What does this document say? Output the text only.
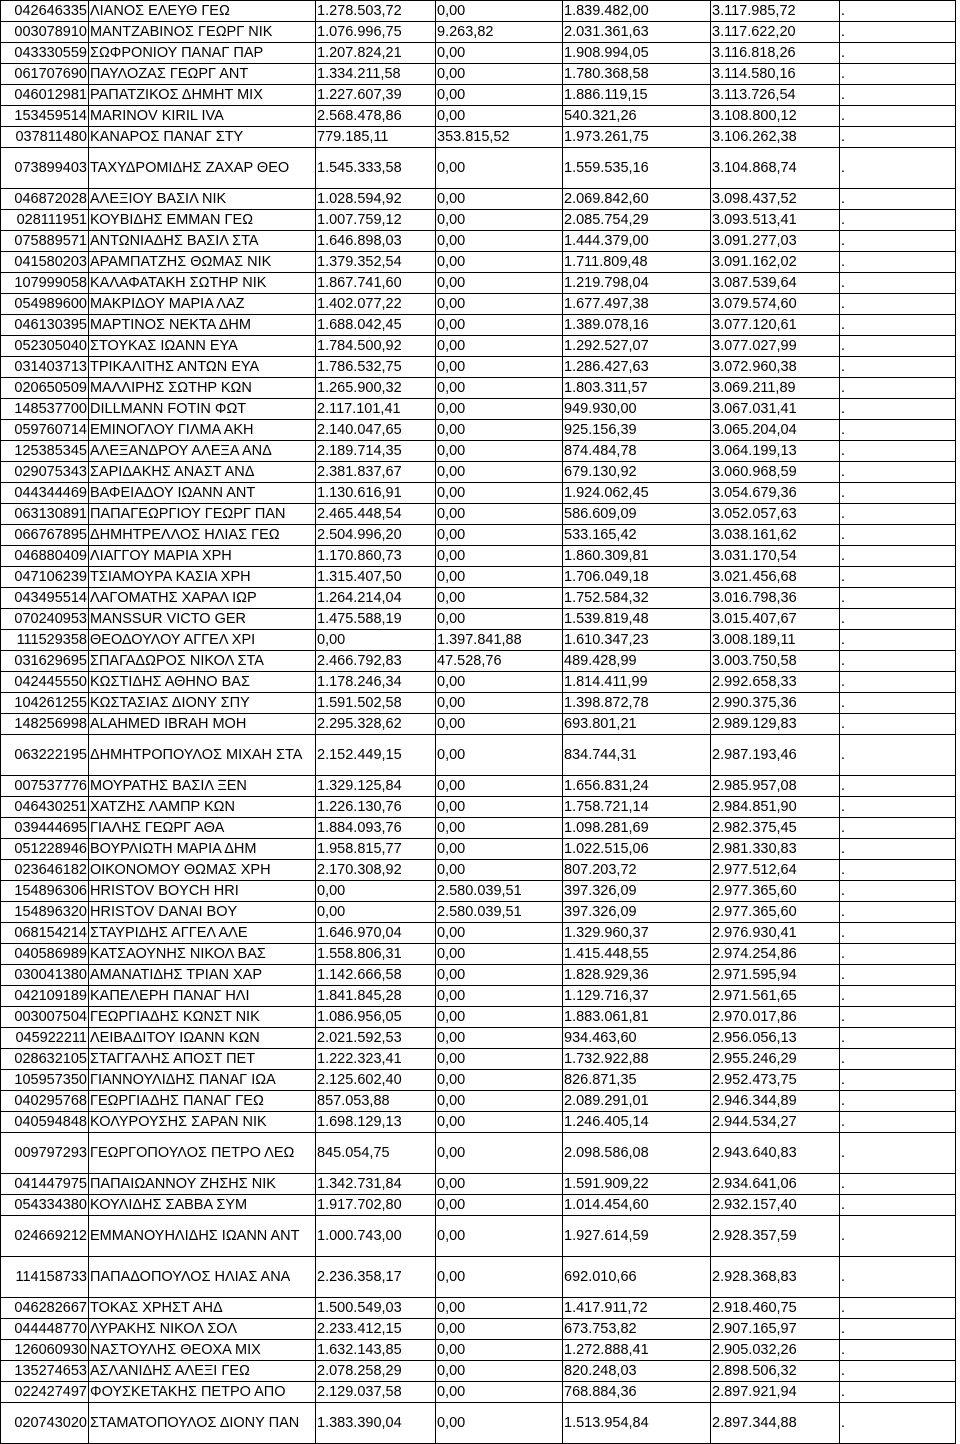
042646335	ΛΙΑΝΟΣ ΕΛΕΥΘ ΓΕΩ	1.278.503,72	0,00	1.839.482,00	3.117.985,72	.
003078910	ΜΑΝΤΖΑΒΙΝΟΣ ΓΕΩΡΓ ΝΙΚ	1.076.996,75	9.263,82	2.031.361,63	3.117.622,20	.
043330559	ΣΩΦΡΟΝΙΟΥ ΠΑΝΑΓ ΠΑΡ	1.207.824,21	0,00	1.908.994,05	3.116.818,26	.
061707690	ΠΑΥΛΟΖΑΣ ΓΕΩΡΓ ΑΝΤ	1.334.211,58	0,00	1.780.368,58	3.114.580,16	.
046012981	ΡΑΠΑΤΖΙΚΟΣ ΔΗΜΗΤ ΜΙΧ	1.227.607,39	0,00	1.886.119,15	3.113.726,54	.
153459514	MARINOV KIRIL IVA	2.568.478,86	0,00	540.321,26	3.108.800,12	.
037811480	ΚΑΝΑΡΟΣ ΠΑΝΑΓ ΣΤΥ	779.185,11	353.815,52	1.973.261,75	3.106.262,38	.
073899403	ΤΑΧΥΔΡΟΜΙΔΗΣ ΖΑΧΑΡ ΘΕΟ	1.545.333,58	0,00	1.559.535,16	3.104.868,74	.
046872028	ΑΛΕΞΙΟΥ ΒΑΣΙΛ ΝΙΚ	1.028.594,92	0,00	2.069.842,60	3.098.437,52	.
028111951	ΚΟΥΒΙΔΗΣ ΕΜΜΑΝ ΓΕΩ	1.007.759,12	0,00	2.085.754,29	3.093.513,41	.
075889571	ΑΝΤΩΝΙΑΔΗΣ ΒΑΣΙΛ ΣΤΑ	1.646.898,03	0,00	1.444.379,00	3.091.277,03	.
041580203	ΑΡΑΜΠΑΤΖΗΣ ΘΩΜΑΣ ΝΙΚ	1.379.352,54	0,00	1.711.809,48	3.091.162,02	.
107999058	ΚΑΛΑΦΑΤΑΚΗ ΣΩΤΗΡ ΝΙΚ	1.867.741,60	0,00	1.219.798,04	3.087.539,64	.
054989600	ΜΑΚΡΙΔΟΥ ΜΑΡΙΑ ΛΑΖ	1.402.077,22	0,00	1.677.497,38	3.079.574,60	.
046130395	ΜΑΡΤΙΝΟΣ ΝΕΚΤΑ ΔΗΜ	1.688.042,45	0,00	1.389.078,16	3.077.120,61	.
052305040	ΣΤΟΥΚΑΣ ΙΩΑΝΝ ΕΥΑ	1.784.500,92	0,00	1.292.527,07	3.077.027,99	.
031403713	ΤΡΙΚΑΛΙΤΗΣ ΑΝΤΩΝ ΕΥΑ	1.786.532,75	0,00	1.286.427,63	3.072.960,38	.
020650509	ΜΑΛΛΙΡΗΣ ΣΩΤΗΡ ΚΩΝ	1.265.900,32	0,00	1.803.311,57	3.069.211,89	.
148537700	DILLMANN FOTIN ΦΩΤ	2.117.101,41	0,00	949.930,00	3.067.031,41	.
059760714	ΕΜΙΝΟΓΛΟΥ ΓΙΛΜΑ ΑΚΗ	2.140.047,65	0,00	925.156,39	3.065.204,04	.
125385345	ΑΛΕΞΑΝΔΡΟΥ ΑΛΕΞΑ ΑΝΔ	2.189.714,35	0,00	874.484,78	3.064.199,13	.
029075343	ΣΑΡΙΔΑΚΗΣ ΑΝΑΣΤ ΑΝΔ	2.381.837,67	0,00	679.130,92	3.060.968,59	.
044344469	ΒΑΦΕΙΑΔΟΥ ΙΩΑΝΝ ΑΝΤ	1.130.616,91	0,00	1.924.062,45	3.054.679,36	.
063130891	ΠΑΠΑΓΕΩΡΓΙΟΥ ΓΕΩΡΓ ΠΑΝ	2.465.448,54	0,00	586.609,09	3.052.057,63	.
066767895	ΔΗΜΗΤΡΕΛΛΟΣ ΗΛΙΑΣ ΓΕΩ	2.504.996,20	0,00	533.165,42	3.038.161,62	.
046880409	ΛΙΑΓΓΟΥ ΜΑΡΙΑ ΧΡΗ	1.170.860,73	0,00	1.860.309,81	3.031.170,54	.
047106239	ΤΣΙΑΜΟΥΡΑ ΚΑΣΙΑ ΧΡΗ	1.315.407,50	0,00	1.706.049,18	3.021.456,68	.
043495514	ΛΑΓΟΜΑΤΗΣ ΧΑΡΑΛ ΙΩΡ	1.264.214,04	0,00	1.752.584,32	3.016.798,36	.
070240953	MANSSUR VICTO GER	1.475.588,19	0,00	1.539.819,48	3.015.407,67	.
111529358	ΘΕΟΔΟΥΛΟΥ ΑΓΓΕΛ ΧΡΙ	0,00	1.397.841,88	1.610.347,23	3.008.189,11	.
031629695	ΣΠΑΓΑΔΩΡΟΣ ΝΙΚΟΛ ΣΤΑ	2.466.792,83	47.528,76	489.428,99	3.003.750,58	.
042445550	ΚΩΣΤΙΔΗΣ ΑΘΗΝΟ ΒΑΣ	1.178.246,34	0,00	1.814.411,99	2.992.658,33	.
104261255	ΚΩΣΤΑΣΙΑΣ ΔΙΟΝΥ ΣΠΥ	1.591.502,58	0,00	1.398.872,78	2.990.375,36	.
148256998	ALAHMED IBRAH MOH	2.295.328,62	0,00	693.801,21	2.989.129,83	.
063222195	ΔΗΜΗΤΡΟΠΟΥΛΟΣ ΜΙΧΑΗ ΣΤΑ	2.152.449,15	0,00	834.744,31	2.987.193,46	.
007537776	ΜΟΥΡΑΤΗΣ ΒΑΣΙΛ ΞΕΝ	1.329.125,84	0,00	1.656.831,24	2.985.957,08	.
046430251	ΧΑΤΖΗΣ ΛΑΜΠΡ ΚΩΝ	1.226.130,76	0,00	1.758.721,14	2.984.851,90	.
039444695	ΓΙΑΛΗΣ ΓΕΩΡΓ ΑΘΑ	1.884.093,76	0,00	1.098.281,69	2.982.375,45	.
051228946	ΒΟΥΡΛΙΩΤΗ ΜΑΡΙΑ ΔΗΜ	1.958.815,77	0,00	1.022.515,06	2.981.330,83	.
023646182	ΟΙΚΟΝΟΜΟΥ ΘΩΜΑΣ ΧΡΗ	2.170.308,92	0,00	807.203,72	2.977.512,64	.
154896306	HRISTOV BOYCH HRI	0,00	2.580.039,51	397.326,09	2.977.365,60	.
154896320	HRISTOV DANAI BOY	0,00	2.580.039,51	397.326,09	2.977.365,60	.
068154214	ΣΤΑΥΡΙΔΗΣ ΑΓΓΕΛ ΑΛΕ	1.646.970,04	0,00	1.329.960,37	2.976.930,41	.
040586989	ΚΑΤΣΑΟΥΝΗΣ ΝΙΚΟΛ ΒΑΣ	1.558.806,31	0,00	1.415.448,55	2.974.254,86	.
030041380	ΑΜΑΝΑΤΙΔΗΣ ΤΡΙΑΝ ΧΑΡ	1.142.666,58	0,00	1.828.929,36	2.971.595,94	.
042109189	ΚΑΠΕΛΕΡΗ ΠΑΝΑΓ ΗΛΙ	1.841.845,28	0,00	1.129.716,37	2.971.561,65	.
003007504	ΓΕΩΡΓΙΑΔΗΣ ΚΩΝΣΤ ΝΙΚ	1.086.956,05	0,00	1.883.061,81	2.970.017,86	.
045922211	ΛΕΙΒΑΔΙΤΟΥ ΙΩΑΝΝ ΚΩΝ	2.021.592,53	0,00	934.463,60	2.956.056,13	.
028632105	ΣΤΑΓΓΑΛΗΣ ΑΠΟΣΤ ΠΕΤ	1.222.323,41	0,00	1.732.922,88	2.955.246,29	.
105957350	ΓΙΑΝΝΟΥΛΙΔΗΣ ΠΑΝΑΓ ΙΩΑ	2.125.602,40	0,00	826.871,35	2.952.473,75	.
040295768	ΓΕΩΡΓΙΑΔΗΣ ΠΑΝΑΓ ΓΕΩ	857.053,88	0,00	2.089.291,01	2.946.344,89	.
040594848	ΚΟΛΥΡΟΥΣΗΣ ΣΑΡΑΝ ΝΙΚ	1.698.129,13	0,00	1.246.405,14	2.944.534,27	.
009797293	ΓΕΩΡΓΟΠΟΥΛΟΣ ΠΕΤΡΟ ΛΕΩ	845.054,75	0,00	2.098.586,08	2.943.640,83	.
041447975	ΠΑΠΑΙΩΑΝΝΟΥ ΖΗΣΗΣ ΝΙΚ	1.342.731,84	0,00	1.591.909,22	2.934.641,06	.
054334380	ΚΟΥΛΙΔΗΣ ΣΑΒΒΑ ΣΥΜ	1.917.702,80	0,00	1.014.454,60	2.932.157,40	.
024669212	ΕΜΜΑΝΟΥΗΛΙΔΗΣ ΙΩΑΝΝ ΑΝΤ	1.000.743,00	0,00	1.927.614,59	2.928.357,59	.
114158733	ΠΑΠΑΔΟΠΟΥΛΟΣ ΗΛΙΑΣ ΑΝΑ	2.236.358,17	0,00	692.010,66	2.928.368,83	.
046282667	ΤΟΚΑΣ ΧΡΗΣΤ ΑΗΔ	1.500.549,03	0,00	1.417.911,72	2.918.460,75	.
044448770	ΛΥΡΑΚΗΣ ΝΙΚΟΛ ΣΟΛ	2.233.412,15	0,00	673.753,82	2.907.165,97	.
126060930	ΝΑΣΤΟΥΛΗΣ ΘΕΟΧΑ ΜΙΧ	1.632.143,85	0,00	1.272.888,41	2.905.032,26	.
135274653	ΑΣΛΑΝΙΔΗΣ ΑΛΕΞΙ ΓΕΩ	2.078.258,29	0,00	820.248,03	2.898.506,32	.
022427497	ΦΟΥΣΚΕΤΑΚΗΣ ΠΕΤΡΟ ΑΠΟ	2.129.037,58	0,00	768.884,36	2.897.921,94	.
020743020	ΣΤΑΜΑΤΟΠΟΥΛΟΣ ΔΙΟΝΥ ΠΑΝ	1.383.390,04	0,00	1.513.954,84	2.897.344,88	.
